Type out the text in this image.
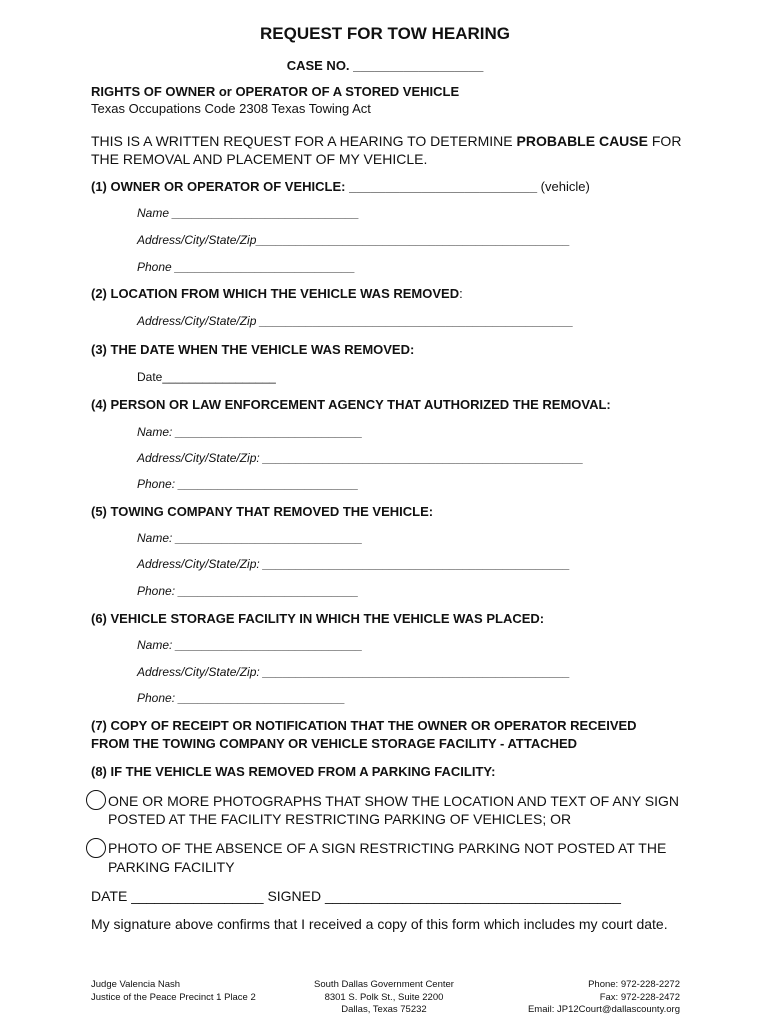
REQUEST FOR TOW HEARING
CASE NO. __________________
RIGHTS OF OWNER or OPERATOR OF A STORED VEHICLE
Texas Occupations Code 2308 Texas Towing Act
THIS IS A WRITTEN REQUEST FOR A HEARING TO DETERMINE PROBABLE CAUSE FOR
THE REMOVAL AND PLACEMENT OF MY VEHICLE.
(1) OWNER OR OPERATOR OF VEHICLE: __________________________ (vehicle)
Name ____________________________
Address/City/State/Zip_______________________________________________
Phone ___________________________
(2) LOCATION FROM WHICH THE VEHICLE WAS REMOVED:
Address/City/State/Zip _______________________________________________
(3) THE DATE WHEN THE VEHICLE WAS REMOVED:
Date_________________
(4) PERSON OR LAW ENFORCEMENT AGENCY THAT AUTHORIZED THE REMOVAL:
Name: ____________________________
Address/City/State/Zip: ________________________________________________
Phone: ___________________________
(5) TOWING COMPANY THAT REMOVED THE VEHICLE:
Name: ____________________________
Address/City/State/Zip: ______________________________________________
Phone: ___________________________
(6) VEHICLE STORAGE FACILITY IN WHICH THE VEHICLE WAS PLACED:
Name: ____________________________
Address/City/State/Zip: ______________________________________________
Phone: _________________________
(7) COPY OF RECEIPT OR NOTIFICATION THAT THE OWNER OR OPERATOR RECEIVED
FROM THE TOWING COMPANY OR VEHICLE STORAGE FACILITY - ATTACHED
(8) IF THE VEHICLE WAS REMOVED FROM A PARKING FACILITY:
ONE OR MORE PHOTOGRAPHS THAT SHOW THE LOCATION AND TEXT OF ANY SIGN
POSTED AT THE FACILITY RESTRICTING PARKING OF VEHICLES; OR
PHOTO OF THE ABSENCE OF A SIGN RESTRICTING PARKING NOT POSTED AT THE
PARKING FACILITY
DATE _________________ SIGNED ______________________________________
My signature above confirms that I received a copy of this form which includes my court date.
Judge Valencia Nash
Justice of the Peace Precinct 1 Place 2
South Dallas Government Center
8301 S. Polk St., Suite 2200
Dallas, Texas 75232
Phone: 972-228-2272
Fax: 972-228-2472
Email: JP12Court@dallascounty.org
